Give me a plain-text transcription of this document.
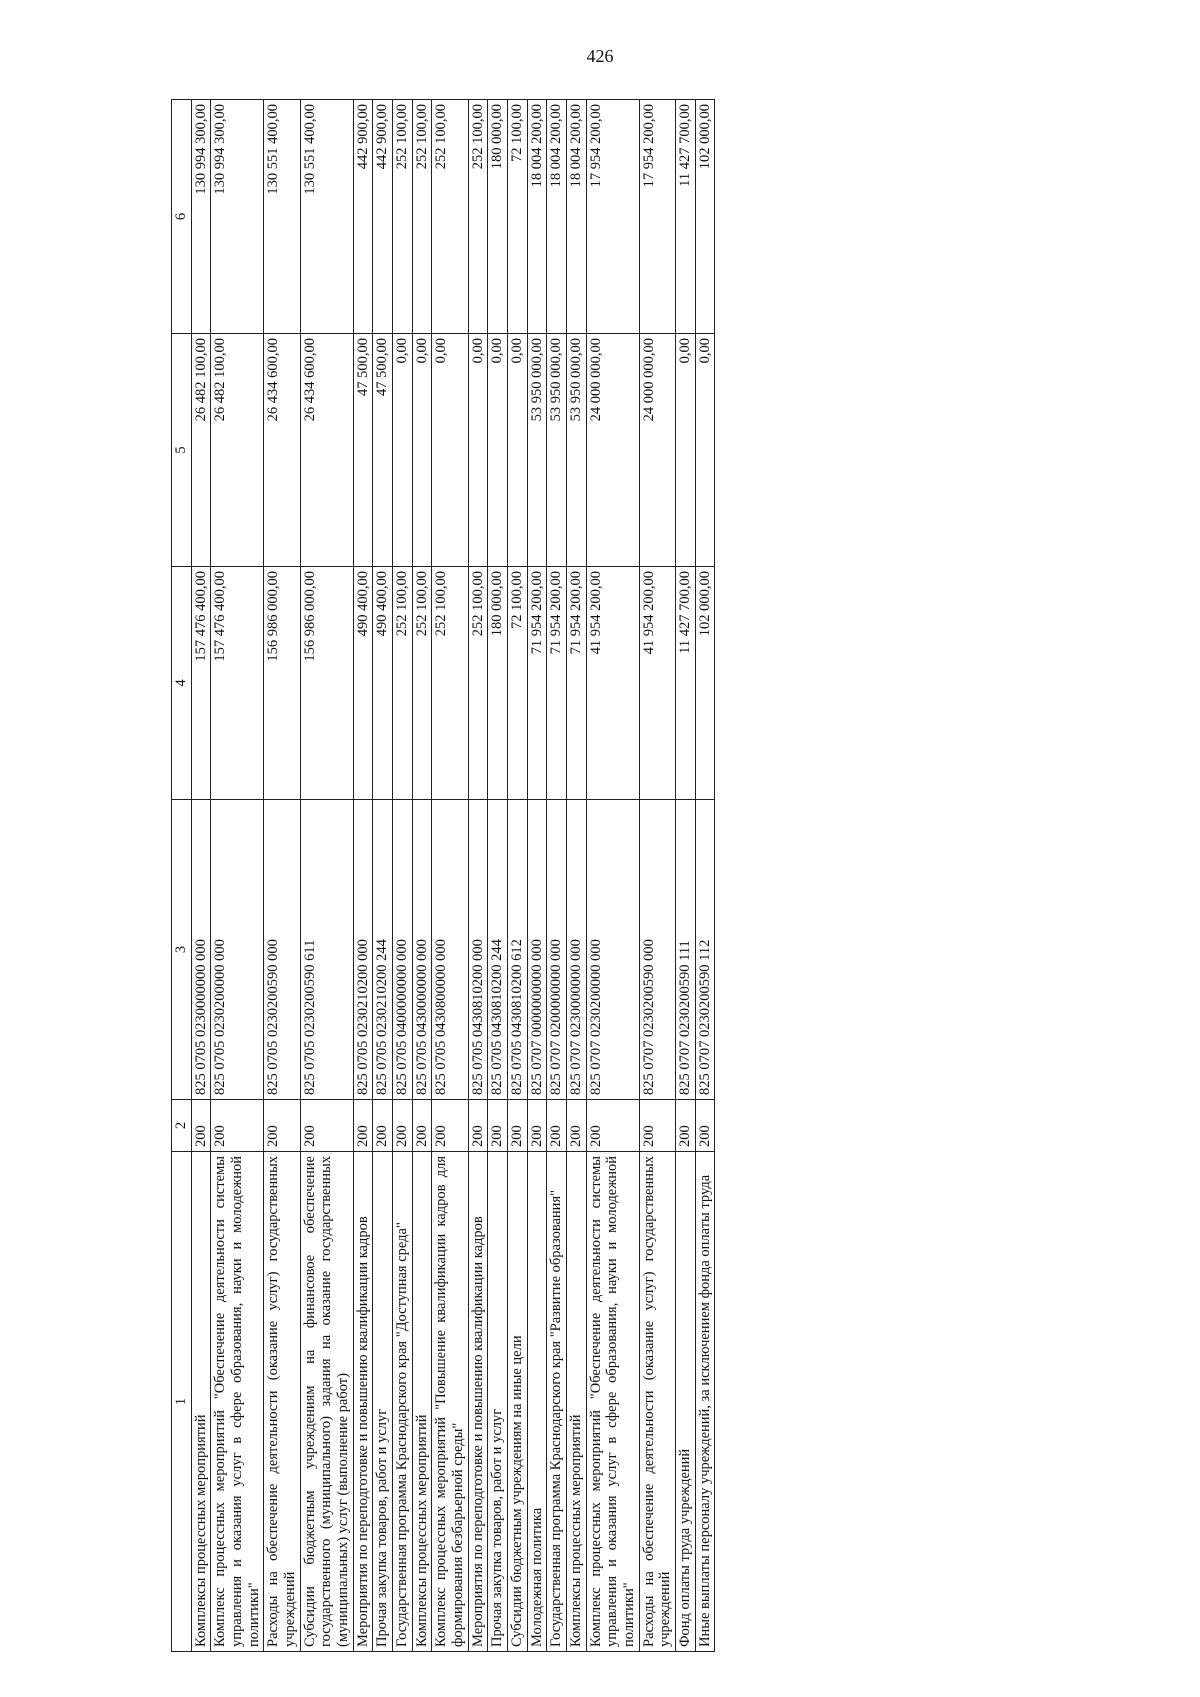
426
1	2	3	4	5	6
Комплексы процессных мероприятий	200	825 0705 0230000000 000	157 476 400,00	26 482 100,00	130 994 300,00
Комплекс процессных мероприятий "Обеспечение деятельности системы управления и оказания услуг в сфере образования, науки и молодежной политики"	200	825 0705 0230200000 000	157 476 400,00	26 482 100,00	130 994 300,00
Расходы на обеспечение деятельности (оказание услуг) государственных учреждений	200	825 0705 0230200590 000	156 986 000,00	26 434 600,00	130 551 400,00
Субсидии бюджетным учреждениям на финансовое обеспечение государственного (муниципального) задания на оказание государственных (муниципальных) услуг (выполнение работ)	200	825 0705 0230200590 611	156 986 000,00	26 434 600,00	130 551 400,00
Мероприятия по переподготовке и повышению квалификации кадров	200	825 0705 0230210200 000	490 400,00	47 500,00	442 900,00
Прочая закупка товаров, работ и услуг	200	825 0705 0230210200 244	490 400,00	47 500,00	442 900,00
Государственная программа Краснодарского края "Доступная среда"	200	825 0705 0400000000 000	252 100,00	0,00	252 100,00
Комплексы процессных мероприятий	200	825 0705 0430000000 000	252 100,00	0,00	252 100,00
Комплекс процессных мероприятий "Повышение квалификации кадров для формирования безбарьерной среды"	200	825 0705 0430800000 000	252 100,00	0,00	252 100,00
Мероприятия по переподготовке и повышению квалификации кадров	200	825 0705 0430810200 000	252 100,00	0,00	252 100,00
Прочая закупка товаров, работ и услуг	200	825 0705 0430810200 244	180 000,00	0,00	180 000,00
Субсидии бюджетным учреждениям на иные цели	200	825 0705 0430810200 612	72 100,00	0,00	72 100,00
Молодежная политика	200	825 0707 0000000000 000	71 954 200,00	53 950 000,00	18 004 200,00
Государственная программа Краснодарского края "Развитие образования"	200	825 0707 0200000000 000	71 954 200,00	53 950 000,00	18 004 200,00
Комплексы процессных мероприятий	200	825 0707 0230000000 000	71 954 200,00	53 950 000,00	18 004 200,00
Комплекс процессных мероприятий "Обеспечение деятельности системы управления и оказания услуг в сфере образования, науки и молодежной политики"	200	825 0707 0230200000 000	41 954 200,00	24 000 000,00	17 954 200,00
Расходы на обеспечение деятельности (оказание услуг) государственных учреждений	200	825 0707 0230200590 000	41 954 200,00	24 000 000,00	17 954 200,00
Фонд оплаты труда учреждений	200	825 0707 0230200590 111	11 427 700,00	0,00	11 427 700,00
Иные выплаты персоналу учреждений, за исключением фонда оплаты труда	200	825 0707 0230200590 112	102 000,00	0,00	102 000,00
